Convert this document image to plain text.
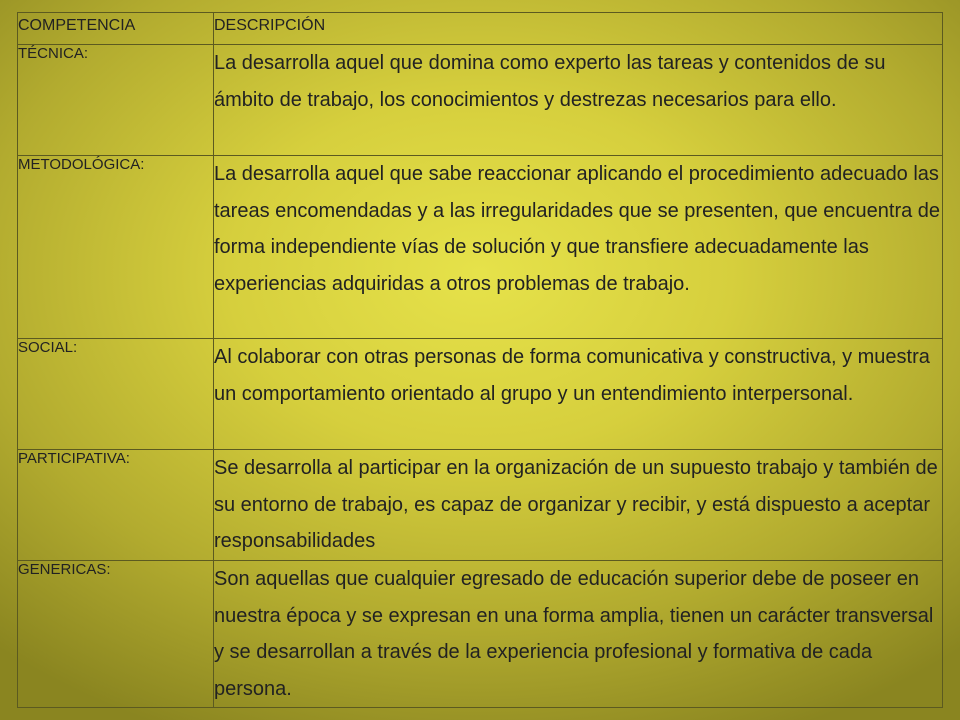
COMPETENCIA	DESCRIPCIÓN
TÉCNICA:	La desarrolla aquel que domina como experto las tareas y contenidos de su ámbito de trabajo, los conocimientos y destrezas necesarios para ello.
METODOLÓGICA:	La desarrolla aquel que sabe reaccionar aplicando el procedimiento adecuado las tareas encomendadas y a las irregularidades que se presenten, que encuentra de forma independiente vías de solución y que transfiere adecuadamente las experiencias adquiridas a otros problemas de trabajo.
SOCIAL:	Al colaborar con otras personas de forma comunicativa y constructiva, y muestra un comportamiento orientado al grupo y un entendimiento interpersonal.
PARTICIPATIVA:	Se desarrolla al participar en la organización de un supuesto trabajo y también de su entorno de trabajo, es capaz de organizar y recibir, y está dispuesto a aceptar responsabilidades
GENERICAS:	Son aquellas que cualquier egresado de educación superior debe de poseer en nuestra época y se expresan en una forma amplia, tienen un carácter transversal y se desarrollan a través de la experiencia profesional y formativa de cada persona.
